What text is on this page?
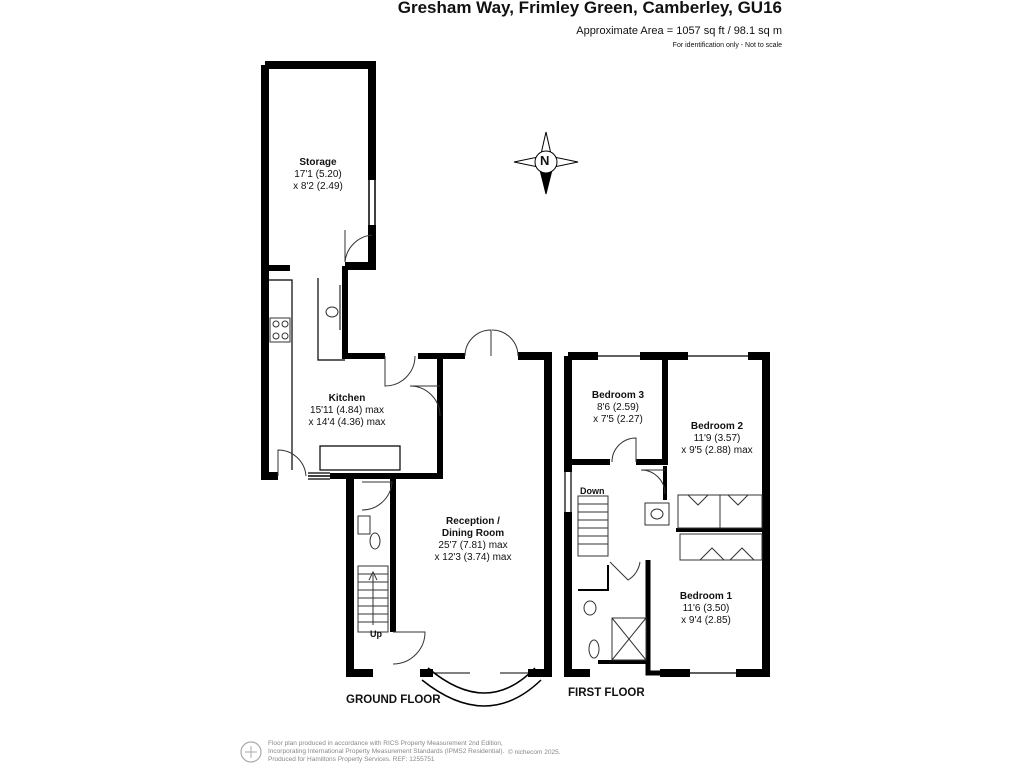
Gresham Way, Frimley Green, Camberley, GU16
Approximate Area = 1057 sq ft / 98.1 sq m
For identification only - Not to scale
N
Storage
17'1 (5.20)
x 8'2 (2.49)
Kitchen
15'11 (4.84) max
x 14'4 (4.36) max
Reception /
Dining Room
25'7 (7.81) max
x 12'3 (3.74) max
Bedroom 3
8'6 (2.59)
x 7'5 (2.27)
Bedroom 2
11'9 (3.57)
x 9'5 (2.88) max
Bedroom 1
11'6 (3.50)
x 9'4 (2.85)
Up
Down
GROUND FLOOR
FIRST FLOOR
Floor plan produced in accordance with RICS Property Measurement 2nd Edition,
Incorporating International Property Measurement Standards (IPMS2 Residential).
Produced for Hamiltons Property Services. REF: 1255751
© nichecom 2025.
